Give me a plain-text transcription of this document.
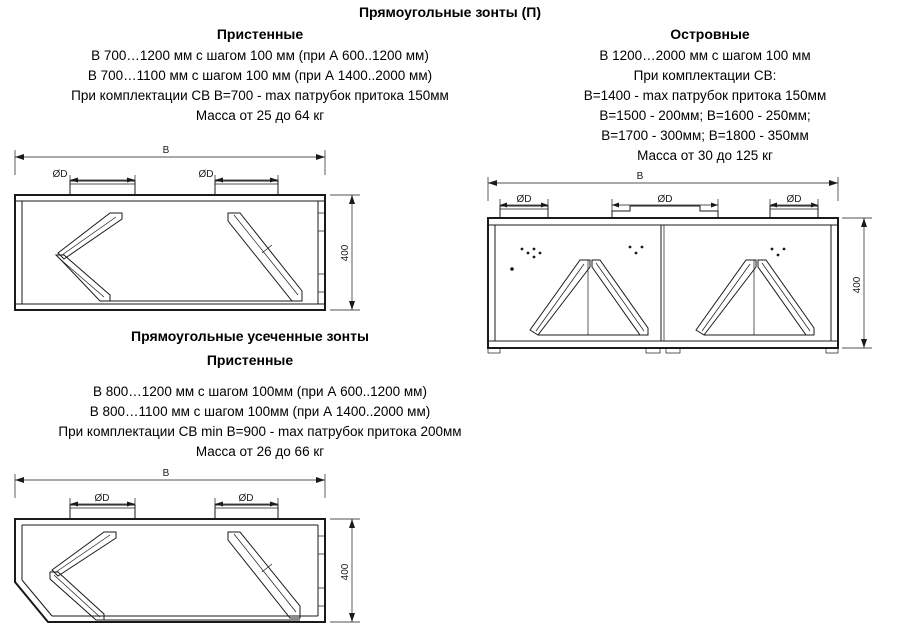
Прямоугольные зонты (П)
Пристенные
В 700…1200 мм с шагом 100 мм (при А 600..1200 мм)
В 700…1100 мм с шагом 100 мм (при А 1400..2000 мм)
При комплектации СВ В=700 - max патрубок притока 150мм
Масса от 25 до 64 кг
Островные
В 1200…2000 мм с шагом 100 мм
При комплектации СВ:
В=1400 - max патрубок притока 150мм
В=1500 - 200мм; В=1600 - 250мм;
В=1700 - 300мм; В=1800 - 350мм
Масса от 30 до 125 кг
Прямоугольные усеченные зонты
Пристенные
В 800…1200 мм с шагом 100мм (при А 600..1200 мм)
В 800…1100 мм с шагом 100мм (при А 1400..2000 мм)
При комплектации СВ min В=900 - max патрубок притока 200мм
Масса от 26 до 66 кг
В
ØD	ØD
400
В
ØD	ØD	ØD
400
В
ØD	ØD
400
